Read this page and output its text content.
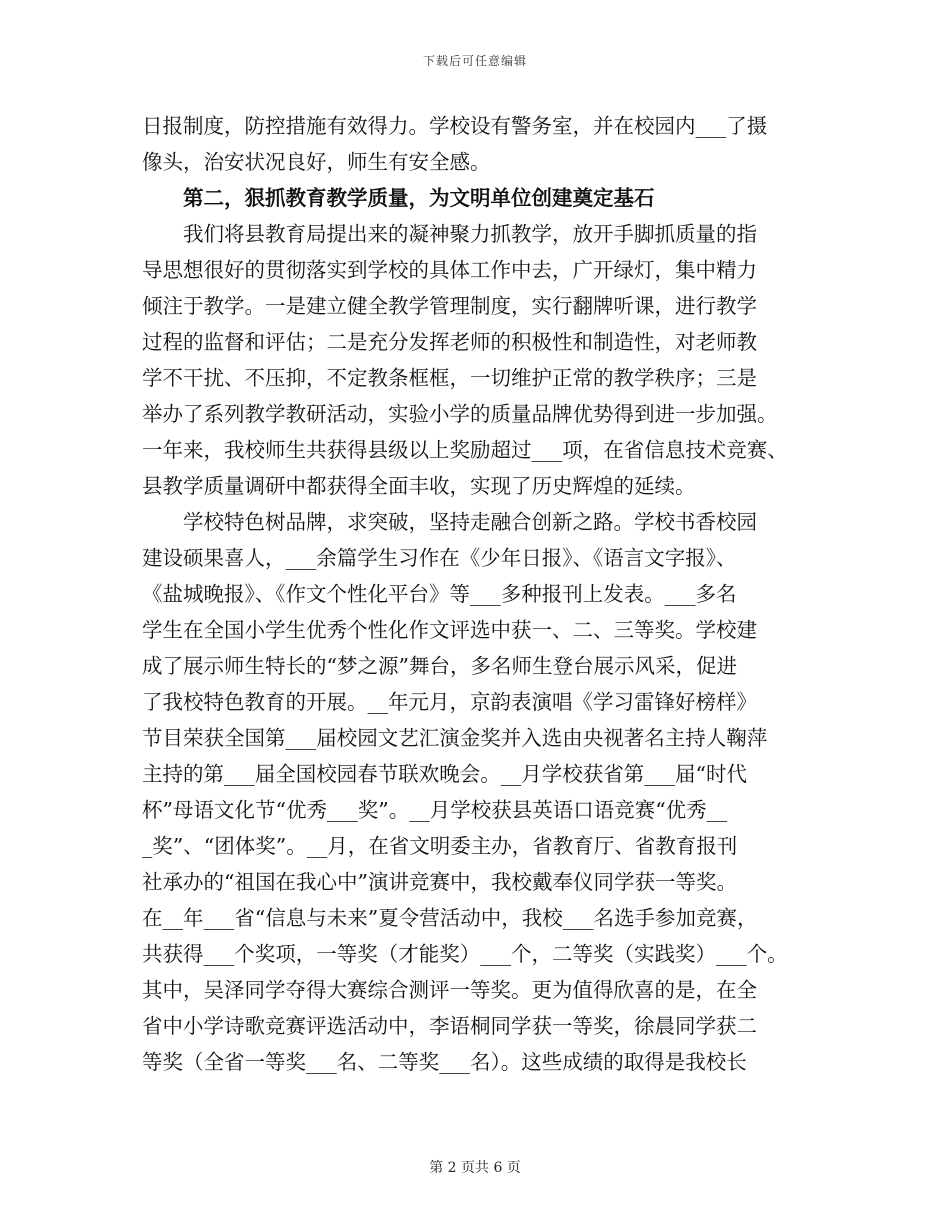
下载后可任意编辑
日报制度，防控措施有效得力。学校设有警务室，并在校园内___了摄
像头，治安状况良好，师生有安全感。
第二，狠抓教育教学质量，为文明单位创建奠定基石
我们将县教育局提出来的凝神聚力抓教学，放开手脚抓质量的指
导思想很好的贯彻落实到学校的具体工作中去，广开绿灯，集中精力
倾注于教学。一是建立健全教学管理制度，实行翻牌听课，进行教学
过程的监督和评估；二是充分发挥老师的积极性和制造性，对老师教
学不干扰、不压抑，不定教条框框，一切维护正常的教学秩序；三是
举办了系列教学教研活动，实验小学的质量品牌优势得到进一步加强。
一年来，我校师生共获得县级以上奖励超过___项，在省信息技术竞赛、
县教学质量调研中都获得全面丰收，实现了历史辉煌的延续。
学校特色树品牌，求突破，坚持走融合创新之路。学校书香校园
建设硕果喜人，___余篇学生习作在《少年日报》、《语言文字报》、
《盐城晚报》、《作文个性化平台》等___多种报刊上发表。___多名
学生在全国小学生优秀个性化作文评选中获一、二、三等奖。学校建
成了展示师生特长的“梦之源”舞台，多名师生登台展示风采，促进
了我校特色教育的开展。__年元月，京韵表演唱《学习雷锋好榜样》
节目荣获全国第___届校园文艺汇演金奖并入选由央视著名主持人鞠萍
主持的第___届全国校园春节联欢晚会。__月学校获省第___届“时代
杯”母语文化节“优秀___奖”。__月学校获县英语口语竞赛“优秀__
_奖”、“团体奖”。__月，在省文明委主办，省教育厅、省教育报刊
社承办的“祖国在我心中”演讲竞赛中，我校戴奉仪同学获一等奖。
在__年___省“信息与未来”夏令营活动中，我校___名选手参加竞赛，
共获得___个奖项，一等奖（才能奖）___个，二等奖（实践奖）___个。
其中，吴泽同学夺得大赛综合测评一等奖。更为值得欣喜的是，在全
省中小学诗歌竞赛评选活动中，李语桐同学获一等奖，徐晨同学获二
等奖（全省一等奖___名、二等奖___名）。这些成绩的取得是我校长
第 2 页共 6 页
